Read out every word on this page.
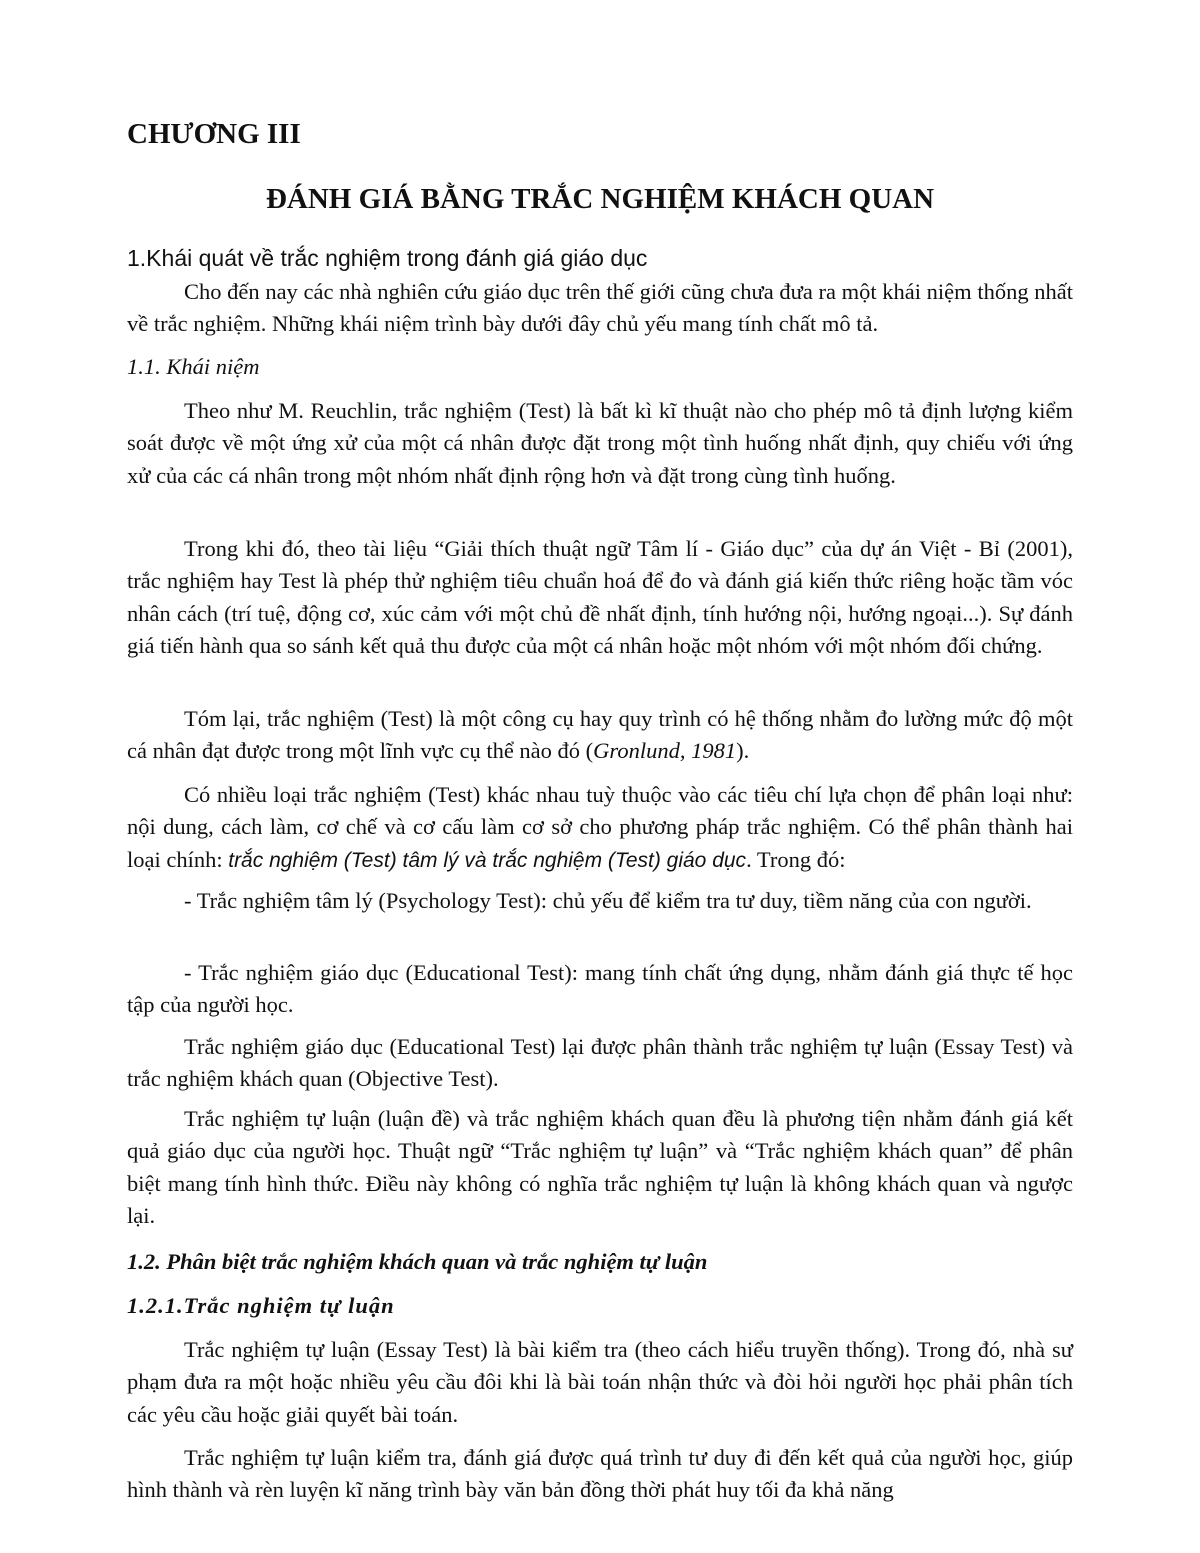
CHƯƠNG III
ĐÁNH GIÁ BẰNG TRẮC NGHIỆM KHÁCH QUAN
1.Khái quát về trắc nghiệm trong đánh giá giáo dục

Cho đến nay các nhà nghiên cứu giáo dục trên thế giới cũng chưa đưa ra một khái niệm thống nhất về trắc nghiệm. Những khái niệm trình bày dưới đây chủ yếu mang tính chất mô tả.

1.1. Khái niệm

Theo như M. Reuchlin, trắc nghiệm (Test) là bất kì kĩ thuật nào cho phép mô tả định lượng kiểm soát được về một ứng xử của một cá nhân được đặt trong một tình huống nhất định, quy chiếu với ứng xử của các cá nhân trong một nhóm nhất định rộng hơn và đặt trong cùng tình huống.

Trong khi đó, theo tài liệu “Giải thích thuật ngữ Tâm lí - Giáo dục” của dự án Việt - Bỉ (2001), trắc nghiệm hay Test là phép thử nghiệm tiêu chuẩn hoá để đo và đánh giá kiến thức riêng hoặc tầm vóc nhân cách (trí tuệ, động cơ, xúc cảm với một chủ đề nhất định, tính hướng nội, hướng ngoại...). Sự đánh giá tiến hành qua so sánh kết quả thu được của một cá nhân hoặc một nhóm với một nhóm đối chứng.

Tóm lại, trắc nghiệm (Test) là một công cụ hay quy trình có hệ thống nhằm đo lường mức độ một cá nhân đạt được trong một lĩnh vực cụ thể nào đó (Gronlund, 1981).

Có nhiều loại trắc nghiệm (Test) khác nhau tuỳ thuộc vào các tiêu chí lựa chọn để phân loại như: nội dung, cách làm, cơ chế và cơ cấu làm cơ sở cho phương pháp trắc nghiệm. Có thể phân thành hai loại chính: trắc nghiệm (Test) tâm lý và trắc nghiệm (Test) giáo dục. Trong đó:

- Trắc nghiệm tâm lý (Psychology Test): chủ yếu để kiểm tra tư duy, tiềm năng của con người.

- Trắc nghiệm giáo dục (Educational Test): mang tính chất ứng dụng, nhằm đánh giá thực tế học tập của người học.

Trắc nghiệm giáo dục (Educational Test) lại được phân thành trắc nghiệm tự luận (Essay Test) và trắc nghiệm khách quan (Objective Test).

Trắc nghiệm tự luận (luận đề) và trắc nghiệm khách quan đều là phương tiện nhằm đánh giá kết quả giáo dục của người học. Thuật ngữ “Trắc nghiệm tự luận” và “Trắc nghiệm khách quan” để phân biệt mang tính hình thức. Điều này không có nghĩa trắc nghiệm tự luận là không khách quan và ngược lại.

1.2. Phân biệt trắc nghiệm khách quan và trắc nghiệm tự luận
1.2.1.Trắc nghiệm tự luận

Trắc nghiệm tự luận (Essay Test) là bài kiểm tra (theo cách hiểu truyền thống). Trong đó, nhà sư phạm đưa ra một hoặc nhiều yêu cầu đôi khi là bài toán nhận thức và đòi hỏi người học phải phân tích các yêu cầu hoặc giải quyết bài toán.

Trắc nghiệm tự luận kiểm tra, đánh giá được quá trình tư duy đi đến kết quả của người học, giúp hình thành và rèn luyện kĩ năng trình bày văn bản đồng thời phát huy tối đa khả năng
